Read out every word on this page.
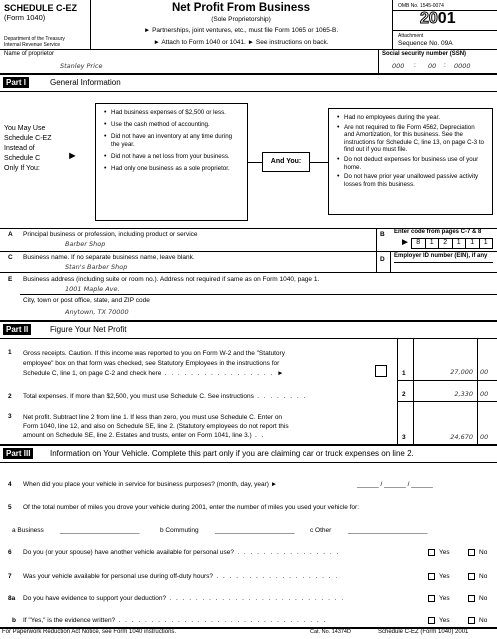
SCHEDULE C-EZ
(Form 1040)
Department of the Treasury
Internal Revenue Service
Net Profit From Business
(Sole Proprietorship)
► Partnerships, joint ventures, etc., must file Form 1065 or 1065-B.
► Attach to Form 1040 or 1041. ► See instructions on back.
OMB No. 1545-0074
2001
Attachment
Sequence No. 09A
Name of proprietor
Stanley Price
Social security number (SSN)
000 : 00 : 0000
Part I	General Information
You May Use
Schedule C-EZ
Instead of
Schedule C
Only If You:
►
• Had business expenses of $2,500 or less.
• Use the cash method of accounting.
• Did not have an inventory at any time during the year.
• Did not have a net loss from your business.
• Had only one business as a sole proprietor.
And You:
• Had no employees during the year.
• Are not required to file Form 4562, Depreciation and Amortization, for this business. See the instructions for Schedule C, line 13, on page C-3 to find out if you must file.
• Do not deduct expenses for business use of your home.
• Do not have prior year unallowed passive activity losses from this business.
A Principal business or profession, including product or service
Barber Shop
B Enter code from pages C-7 & 8
► 8	1	2	1	1	1
C Business name. If no separate business name, leave blank.
Stan's Barber Shop
D Employer ID number (EIN), if any
E Business address (including suite or room no.). Address not required if same as on Form 1040, page 1.
1001 Maple Ave.
City, town or post office, state, and ZIP code
Anytown, TX 70000
Part II	Figure Your Net Profit
1 Gross receipts. Caution. If this income was reported to you on Form W-2 and the "Statutory
employee" box on that form was checked, see Statutory Employees in the instructions for
Schedule C, line 1, on page C-2 and check here . . . . . . . . . . . . . . . . . ►	1	27,000 00
2 Total expenses. If more than $2,500, you must use Schedule C. See instructions . . . . . . . .	2	2,330 00
3 Net profit. Subtract line 2 from line 1. If less than zero, you must use Schedule C. Enter on
Form 1040, line 12, and also on Schedule SE, line 2. (Statutory employees do not report this
amount on Schedule SE, line 2. Estates and trusts, enter on Form 1041, line 3.) . .	3	24,670 00
Part III	Information on Your Vehicle. Complete this part only if you are claiming car or truck expenses on line 2.
4 When did you place your vehicle in service for business purposes? (month, day, year) ►	______ / ______ / ______
5 Of the total number of miles you drove your vehicle during 2001, enter the number of miles you used your vehicle for:
a Business ______________________	b Commuting	______________________ c Other	______________________
6 Do you (or your spouse) have another vehicle available for personal use? . . . . . . . . . . . . . . . .	Yes	No
7 Was your vehicle available for personal use during off-duty hours? . . . . . . . . . . . . . . . . . . .	Yes	No
8a Do you have evidence to support your deduction? . . . . . . . . . . . . . . . . . . . . . . . . . . .	Yes	No
b If "Yes," is the evidence written? . . . . . . . . . . . . . . . . . . . . . . . . . . . . . . . .	Yes	No
For Paperwork Reduction Act Notice, see Form 1040 instructions.	Cat. No. 14374D	Schedule C-EZ (Form 1040) 2001
